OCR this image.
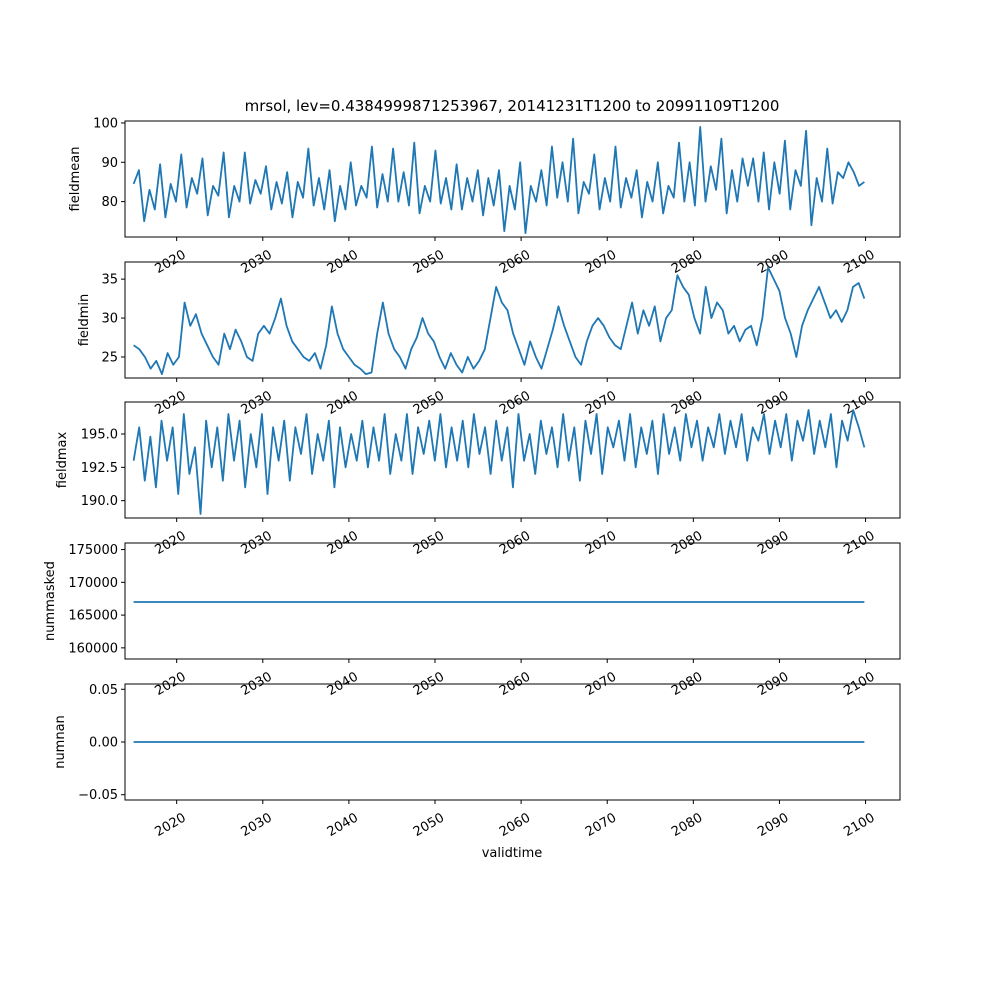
mrsol, lev=0.4384999871253967, 20141231T1200 to 20991109T1200
80
90
100
fieldmean
2020	2030	2040	2050	2060	2070	2080	2090	2100
25
30
35
fieldmin
2020	2030	2040	2050	2060	2070	2080	2090	2100
190.0
192.5
195.0
fieldmax
2020	2030	2040	2050	2060	2070	2080	2090	2100
160000
165000
170000
175000
nummasked
2020	2030	2040	2050	2060	2070	2080	2090	2100
−0.05
0.00
0.05
numnan
2020	2030	2040	2050	2060	2070	2080	2090	2100
validtime
